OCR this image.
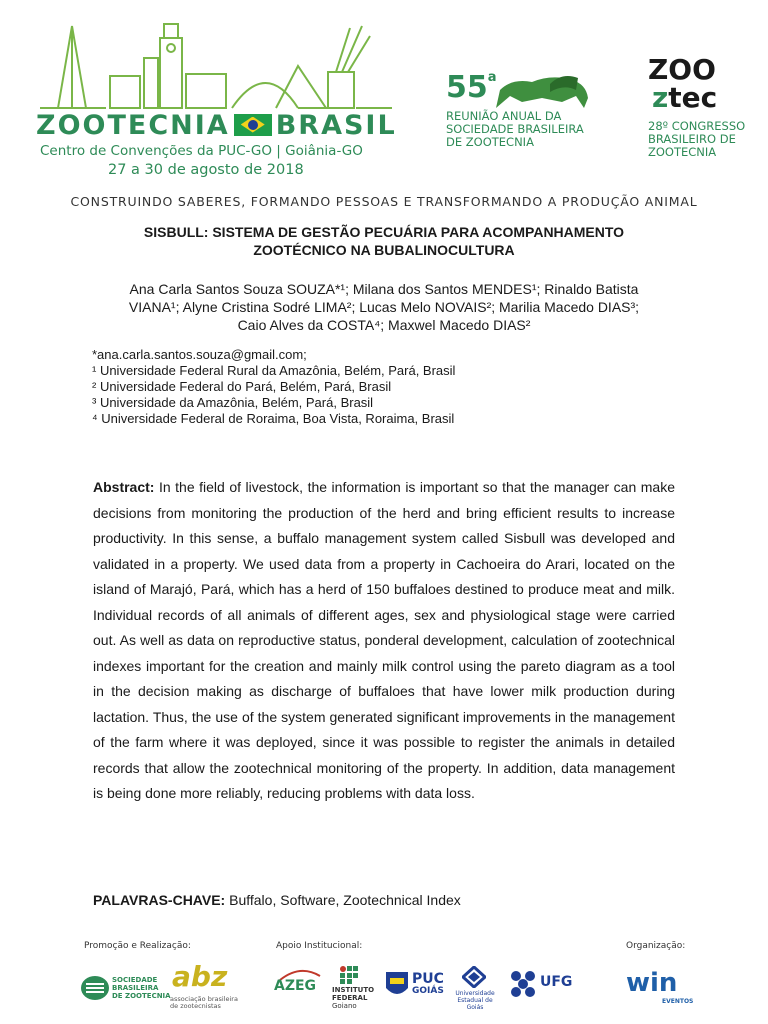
ZOOTECNIA BRASIL
Centro de Convenções da PUC-GO | Goiânia-GO
27 a 30 de agosto de 2018
55$^a$
REUNIÃO ANUAL DA
SOCIEDADE BRASILEIRA
DE ZOOTECNIA
ZOO
ztec
28º CONGRESSO
BRASILEIRO DE
ZOOTECNIA
CONSTRUINDO SABERES, FORMANDO PESSOAS E TRANSFORMANDO A PRODUÇÃO ANIMAL
SISBULL: SISTEMA DE GESTÃO PECUÁRIA PARA ACOMPANHAMENTO
ZOOTÉCNICO NA BUBALINOCULTURA
Ana Carla Santos Souza SOUZA*¹; Milana dos Santos MENDES¹; Rinaldo Batista
VIANA¹; Alyne Cristina Sodré LIMA²; Lucas Melo NOVAIS²; Marilia Macedo DIAS³;
Caio Alves da COSTA⁴; Maxwel Macedo DIAS²
*ana.carla.santos.souza@gmail.com;
¹ Universidade Federal Rural da Amazônia, Belém, Pará, Brasil
² Universidade Federal do Pará, Belém, Pará, Brasil
³ Universidade da Amazônia, Belém, Pará, Brasil
⁴ Universidade Federal de Roraima, Boa Vista, Roraima, Brasil
Abstract: In the field of livestock, the information is important so that the manager can make decisions from monitoring the production of the herd and bring efficient results to increase productivity. In this sense, a buffalo management system called Sisbull was developed and validated in a property. We used data from a property in Cachoeira do Arari, located on the island of Marajó, Pará, which has a herd of 150 buffaloes destined to produce meat and milk. Individual records of all animals of different ages, sex and physiological stage were carried out. As well as data on reproductive status, ponderal development, calculation of zootechnical indexes important for the creation and mainly milk control using the pareto diagram as a tool in the decision making as discharge of buffaloes that have lower milk production during lactation. Thus, the use of the system generated significant improvements in the management of the farm where it was deployed, since it was possible to register the animals in detailed records that allow the zootechnical monitoring of the property. In addition, data management is being done more reliably, reducing problems with data loss.
PALAVRAS-CHAVE: Buffalo, Software, Zootechnical Index
Promoção e Realização:	Apoio Institucional:	Organização:
SOCIEDADE
BRASILEIRA
DE ZOOTECNIA
abz
associação brasileira
de zootecnistas
AZEG INSTITUTO
FEDERAL
Goiano
PUC
GOIÁS	Universidade
Estadual de Goiás
UFG win
EVENTOS
